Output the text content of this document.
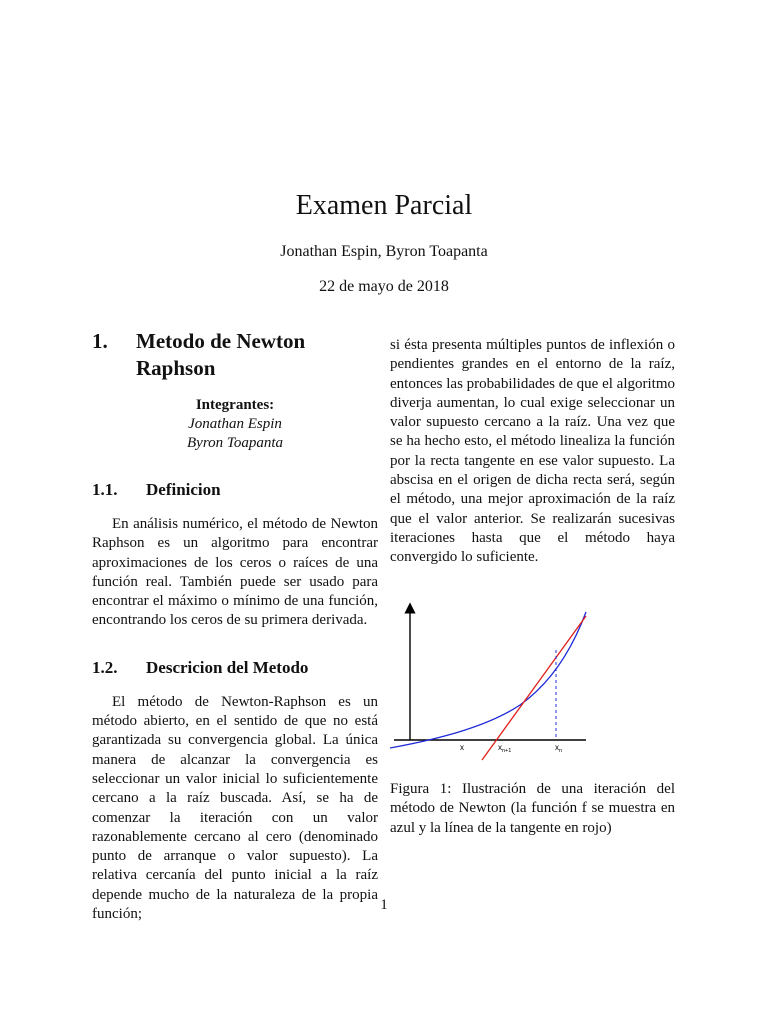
Examen Parcial
Jonathan Espin, Byron Toapanta
22 de mayo de 2018
1.	Metodo de Newton Raphson
Integrantes:
Jonathan Espin
Byron Toapanta
1.1.	Definicion

En análisis numérico, el método de Newton Raphson es un algoritmo para encontrar aproximaciones de los ceros o raíces de una función real. También puede ser usado para encontrar el máximo o mínimo de una función, encontrando los ceros de su primera derivada.

1.2.	Descricion del Metodo

El método de Newton-Raphson es un método abierto, en el sentido de que no está garantizada su convergencia global. La única manera de alcanzar la convergencia es seleccionar un valor inicial lo suficientemente cercano a la raíz buscada. Así, se ha de comenzar la iteración con un valor razonablemente cercano al cero (denominado punto de arranque o valor supuesto). La relativa cercanía del punto inicial a la raíz depende mucho de la naturaleza de la propia función;

si ésta presenta múltiples puntos de inflexión o pendientes grandes en el entorno de la raíz, entonces las probabilidades de que el algoritmo diverja aumentan, lo cual exige seleccionar un valor supuesto cercano a la raíz. Una vez que se ha hecho esto, el método linealiza la función por la recta tangente en ese valor supuesto. La abscisa en el origen de dicha recta será, según el método, una mejor aproximación de la raíz que el valor anterior. Se realizarán sucesivas iteraciones hasta que el método haya convergido lo suficiente.

x	$x_{n+1}$	$x_n$
Figura 1: Ilustración de una iteración del método de Newton (la función f se muestra en azul y la línea de la tangente en rojo)
1
